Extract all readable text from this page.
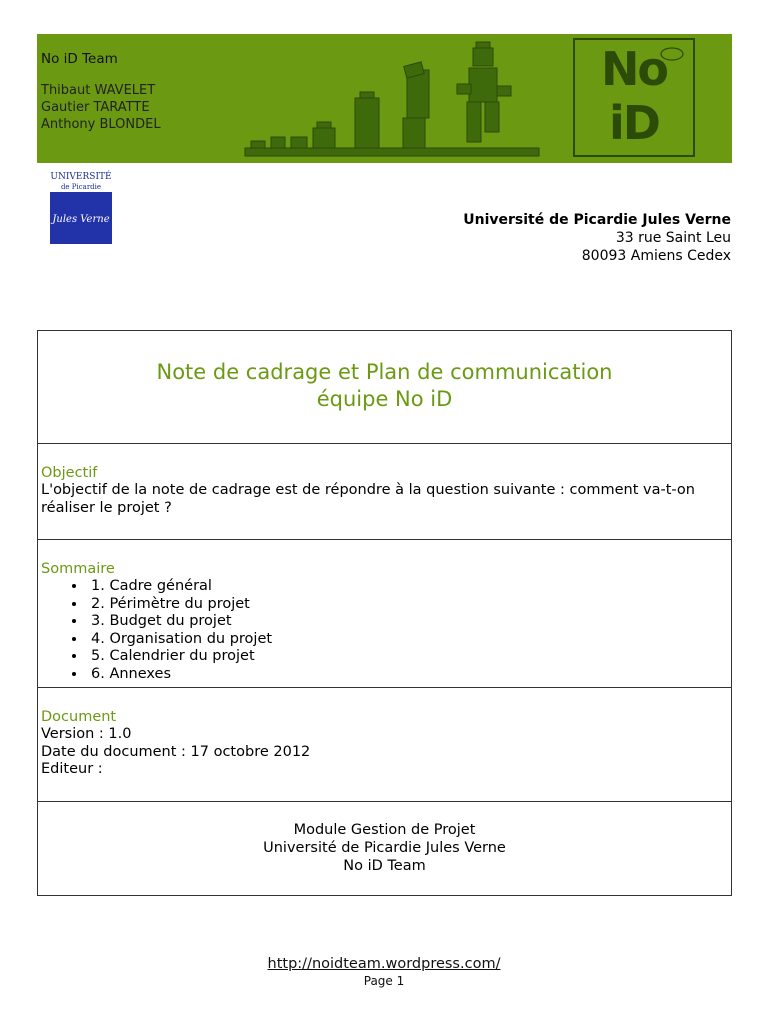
No iD Team
Thibaut WAVELET
Gautier TARATTE
Anthony BLONDEL
No
iD
UNIVERSITÉ
de Picardie
Jules Verne	Université de Picardie Jules Verne
33 rue Saint Leu
80093 Amiens Cedex
Note de cadrage et Plan de communication
équipe No iD
Objectif
L'objectif de la note de cadrage est de répondre à la question suivante : comment va-t-on réaliser le projet ?
Sommaire
• 1. Cadre général
• 2. Périmètre du projet
• 3. Budget du projet
• 4. Organisation du projet
• 5. Calendrier du projet
• 6. Annexes
Document
Version : 1.0
Date du document : 17 octobre 2012
Editeur :
Module Gestion de Projet
Université de Picardie Jules Verne
No iD Team
http://noidteam.wordpress.com/
Page 1
